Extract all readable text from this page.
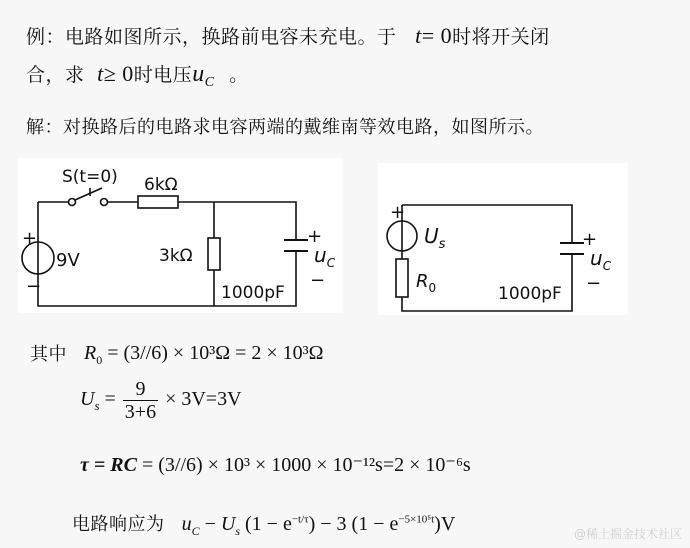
例：电路如图所示，换路前电容未充电。于 t= 0时将开关闭
合，求 t≥ 0时电压$u_C$ 。
解：对换路后的电路求电容两端的戴维南等效电路，如图所示。
S(t=0) 6kΩ
+
9V
−
3kΩ
1000pF
+
$u_C$
−
+
$U_s$
$R_0$	1000pF
+
$u_C$
−
其中 $R_0 = (3//6) \times 10^3\Omega = 2 \times 10^3\Omega$
$U_s = \frac{9}{3+6} \times 3V=3V$
τ = RC = (3//6) × 10³ × 1000 × 10⁻¹²s=2 × 10⁻⁶s
电路响应为 $u_C - U_s$ $(1 - e^{-t/\tau}) - 3$ $(1 - e^{-5\times 10^5t})V$	@稀土掘金技术社区
